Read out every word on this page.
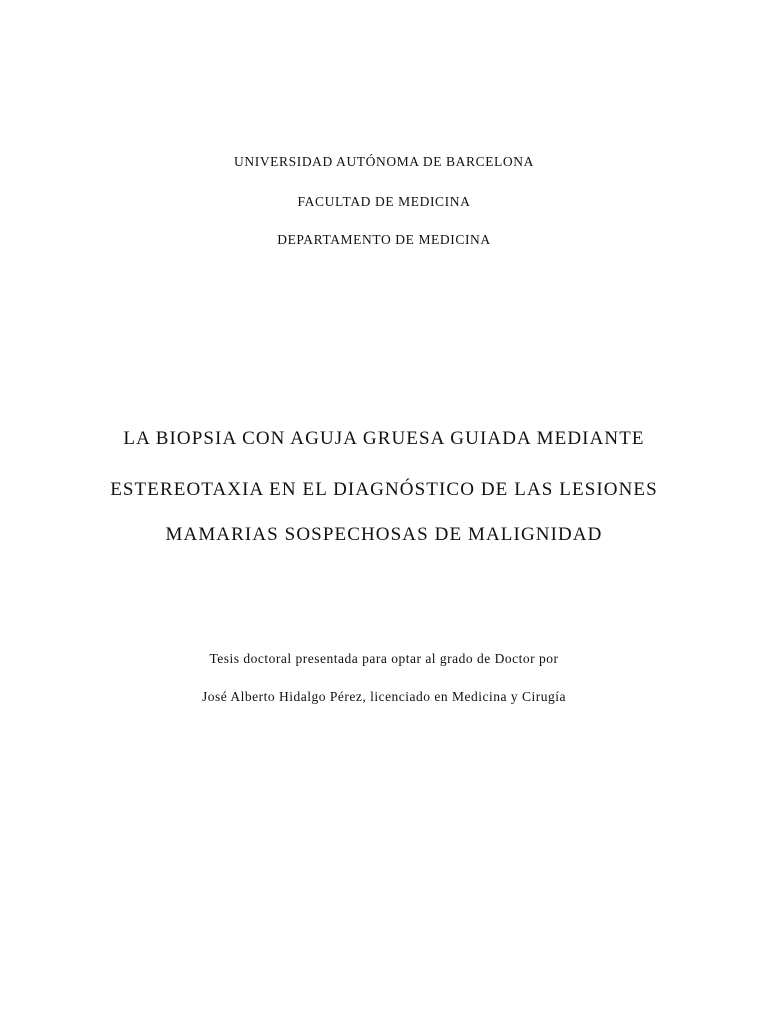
UNIVERSIDAD AUTÓNOMA DE BARCELONA

FACULTAD DE MEDICINA

DEPARTAMENTO DE MEDICINA

LA BIOPSIA CON AGUJA GRUESA GUIADA MEDIANTE
ESTEREOTAXIA EN EL DIAGNÓSTICO DE LAS LESIONES
MAMARIAS SOSPECHOSAS DE MALIGNIDAD

Tesis doctoral presentada para optar al grado de Doctor por

José Alberto Hidalgo Pérez, licenciado en Medicina y Cirugía
